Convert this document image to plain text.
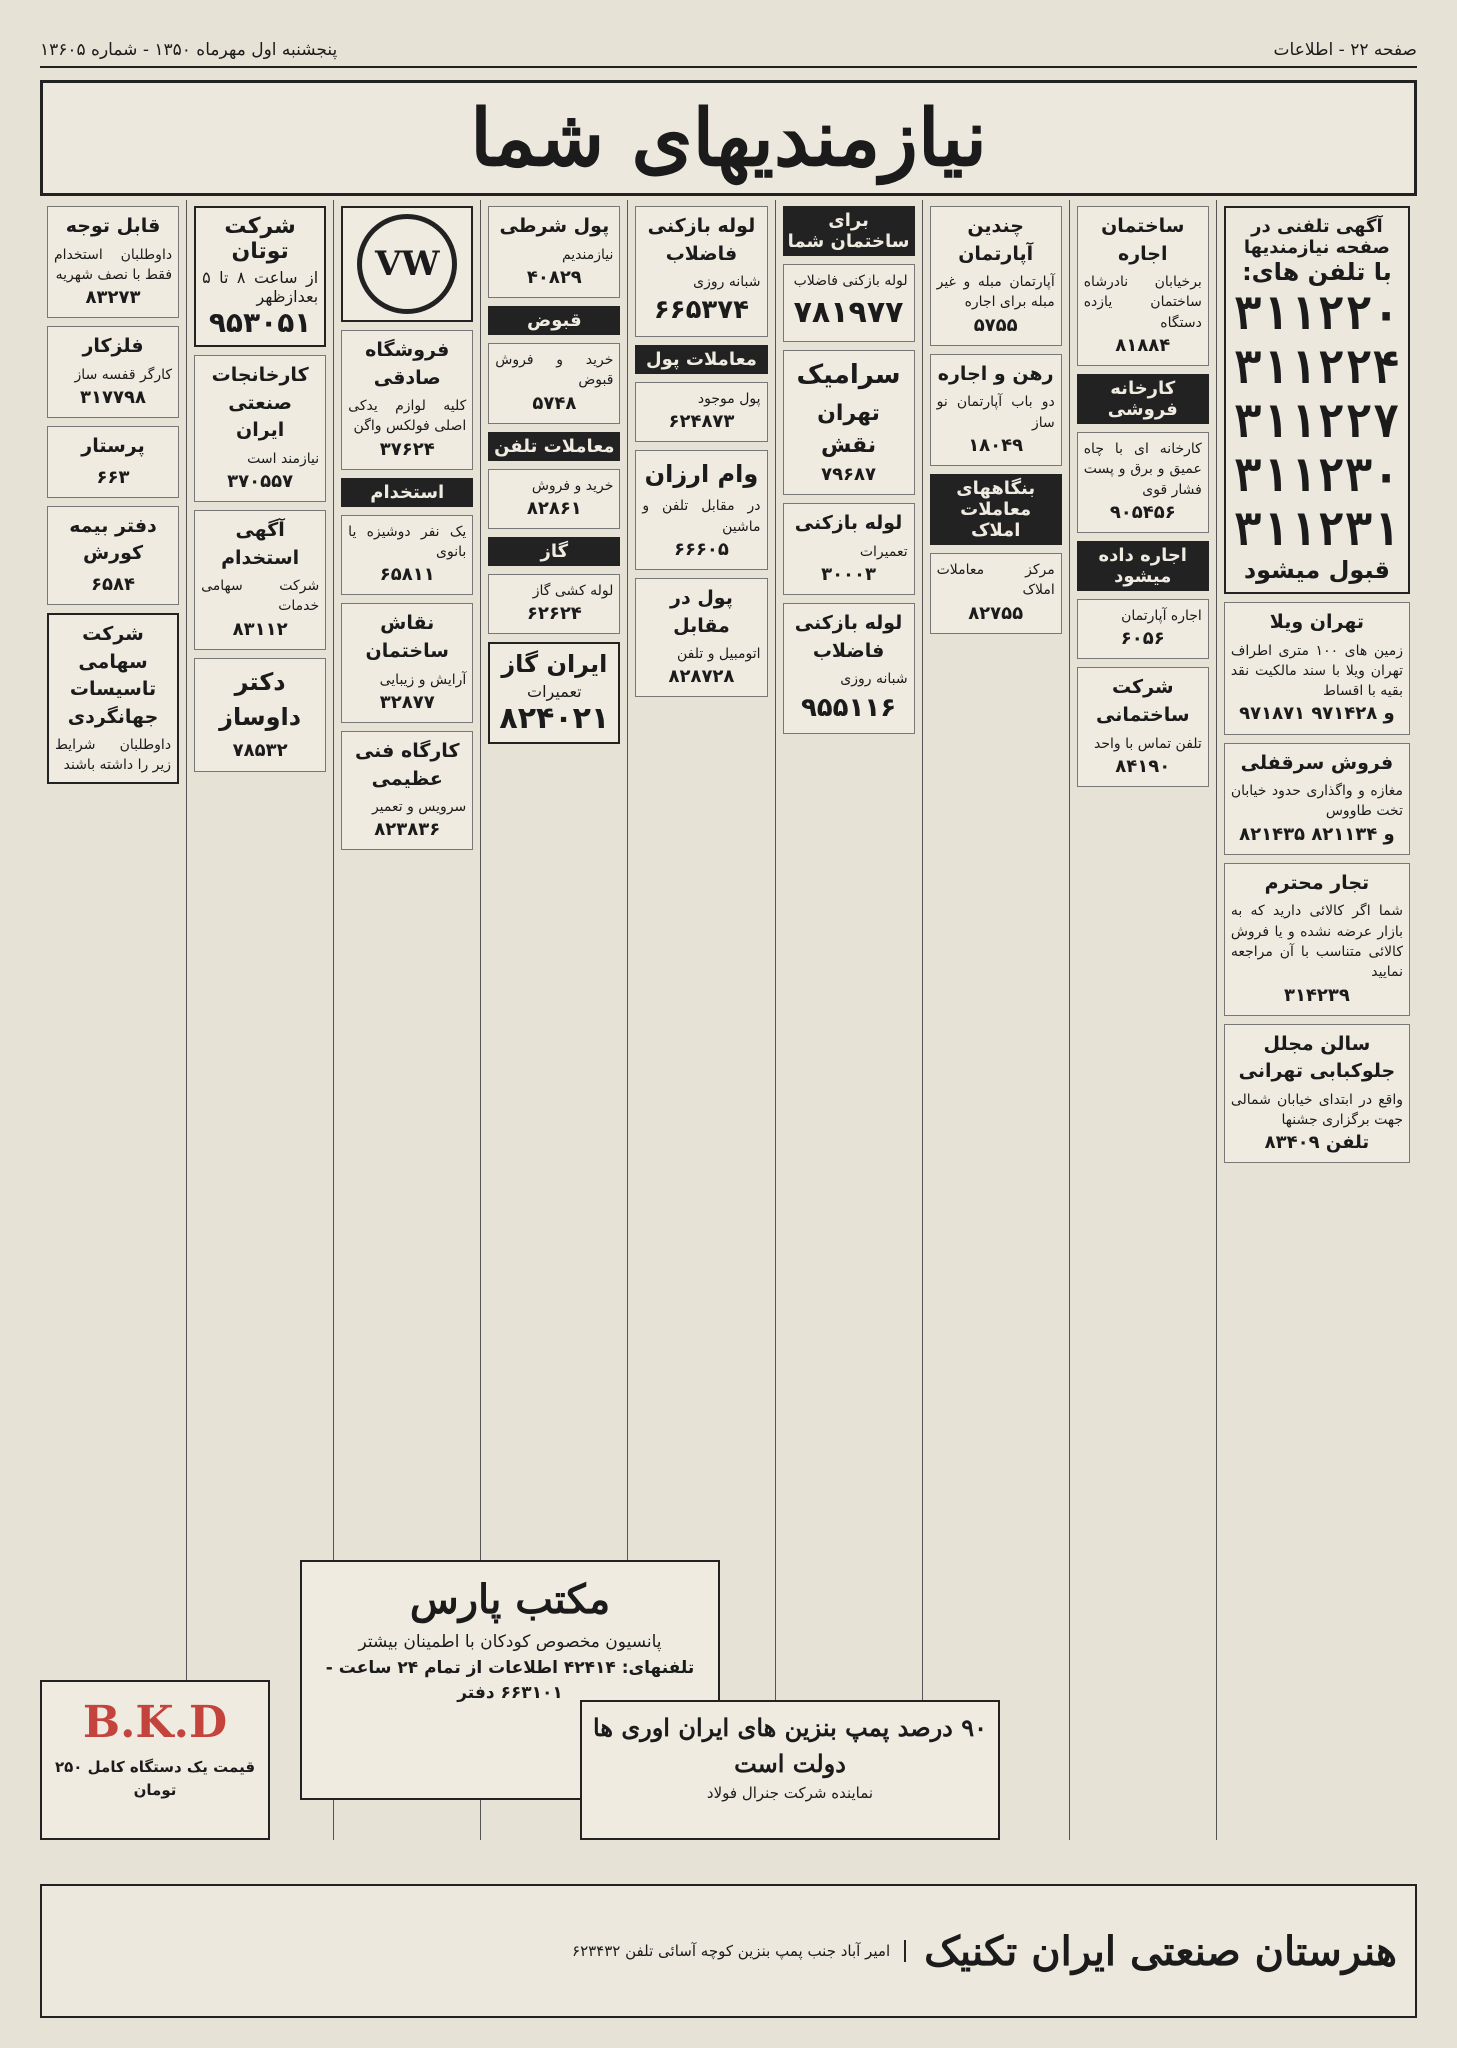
صفحه ۲۲ - اطلاعات
پنجشنبه اول مهرماه ۱۳۵۰ - شماره ۱۳۶۰۵
نیازمندیهای شما
آگهی تلفنی در صفحه نیازمندیها
با تلفن های:
۳۱۱۲۲۰
۳۱۱۲۲۴
۳۱۱۲۲۷
۳۱۱۲۳۰
۳۱۱۲۳۱
قبول میشود
تهران ویلا
زمین های ۱۰۰ متری اطراف تهران ویلا با سند مالکیت نقد بقیه با اقساط
۹۷۱۸۷۱ و ۹۷۱۴۲۸
فروش سرقفلی
مغازه و واگذاری حدود خیابان تخت طاووس
۸۲۱۴۳۵ و ۸۲۱۱۳۴
تجار محترم
شما اگر کالائی دارید که به بازار عرضه نشده و یا فروش کالائی متناسب با آن مراجعه نمایید
۳۱۴۲۳۹
سالن مجلل جلوکبابی تهرانی
واقع در ابتدای خیابان شمالی جهت برگزاری جشنها
تلفن ۸۳۴۰۹
ساختمان اجاره
برخیابان نادرشاه ساختمان یازده دستگاه
۸۱۸۸۴
کارخانه فروشی
کارخانه ای با چاه عمیق و برق و پست فشار قوی
۹۰۵۴۵۶
اجاره داده میشود
اجاره آپارتمان
۶۰۵۶
شرکت ساختمانی
تلفن تماس با واحد
۸۴۱۹۰
چندین آپارتمان
آپارتمان مبله و غیر مبله برای اجاره
۵۷۵۵
رهن و اجاره
دو باب آپارتمان نو ساز
۱۸۰۴۹
بنگاههای معاملات املاک
مرکز معاملات املاک
۸۲۷۵۵
برای ساختمان شما
لوله بازکنی فاضلاب
۷۸۱۹۷۷
سرامیک
تهران نقش
۷۹۶۸۷
لوله بازکنی
تعمیرات
۳۰۰۰۳
لوله بازکنی فاضلاب
شبانه روزی
۹۵۵۱۱۶
لوله بازکنی فاضلاب
شبانه روزی
۶۶۵۳۷۴
معاملات پول
پول موجود
۶۲۴۸۷۳
وام ارزان
در مقابل تلفن و ماشین
۶۶۶۰۵
پول در مقابل
اتومبیل و تلفن
۸۲۸۷۲۸
پول شرطی
نیازمندیم
۴۰۸۲۹
قبوض
خرید و فروش قبوض
۵۷۴۸
معاملات تلفن
خرید و فروش
۸۲۸۶۱
گاز
لوله کشی گاز
۶۲۶۲۴
ایران گاز
تعمیرات
۸۲۴۰۲۱
VW
فروشگاه صادقی
کلیه لوازم یدکی اصلی فولکس واگن
۳۷۶۲۴
استخدام
یک نفر دوشیزه یا بانوی
۶۵۸۱۱
نقاش ساختمان
آرایش و زیبایی
۳۲۸۷۷
کارگاه فنی عظیمی
سرویس و تعمیر
۸۲۳۸۳۶
شرکت توتان
از ساعت ۸ تا ۵ بعدازظهر
۹۵۳۰۵۱
کارخانجات صنعتی ایران
نیازمند است
۳۷۰۵۵۷
آگهی استخدام
شرکت سهامی خدمات
۸۳۱۱۲
دکتر داوساز
۷۸۵۳۲
قابل توجه
داوطلبان استخدام فقط با نصف شهریه
۸۳۲۷۳
فلزکار
کارگر قفسه ساز
۳۱۷۷۹۸
پرستار
۶۶۳
دفتر بیمه کورش
۶۵۸۴
شرکت سهامی تاسیسات جهانگردی
داوطلبان شرایط زیر را داشته باشند
مکتب پارس
پانسیون مخصوص کودکان با اطمینان بیشتر
تلفنهای: ۴۲۴۱۴ اطلاعات از تمام ۲۴ ساعت - ۶۶۳۱۰۱ دفتر
۹۰ درصد پمپ بنزین های ایران اوری ها دولت است
نماینده شرکت جنرال فولاد
B.K.D
قیمت یک دستگاه کامل ۲۵۰ تومان
هنرستان صنعتی ایران تکنیک
امیر آباد جنب پمپ بنزین کوچه آسائی تلفن ۶۲۳۴۳۲
